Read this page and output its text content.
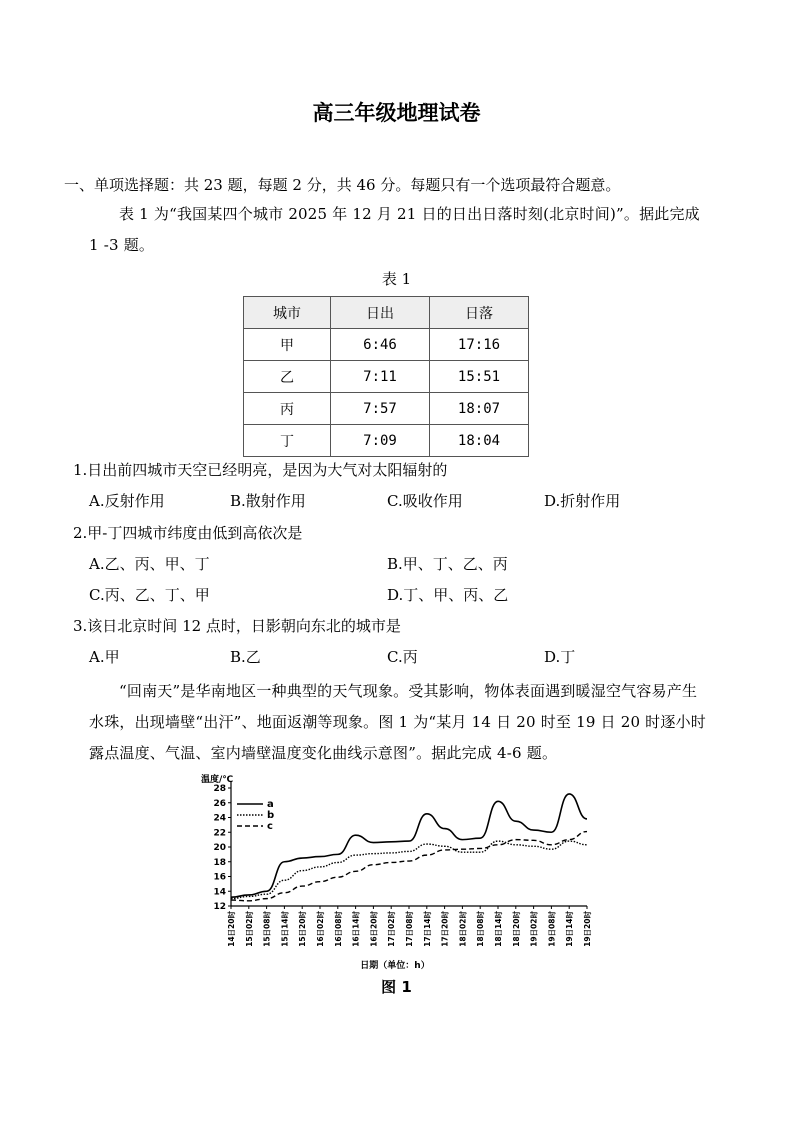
高三年级地理试卷
一、单项选择题：共 23 题，每题 2 分，共 46 分。每题只有一个选项最符合题意。
表 1 为“我国某四个城市 2025 年 12 月 21 日的日出日落时刻(北京时间)”。据此完成 1 -3 题。
表 1
城市	日出	日落
甲	6:46	17:16
乙	7:11	15:51
丙	7:57	18:07
丁	7:09	18:04
1.日出前四城市天空已经明亮，是因为大气对太阳辐射的
A.反射作用	B.散射作用	C.吸收作用	D.折射作用
2.甲-丁四城市纬度由低到高依次是
A.乙、丙、甲、丁	B.甲、丁、乙、丙
C.丙、乙、丁、甲	D.丁、甲、丙、乙
3.该日北京时间 12 点时，日影朝向东北的城市是
A.甲	B.乙	C.丙	D.丁
“回南天”是华南地区一种典型的天气现象。受其影响，物体表面遇到暖湿空气容易产生水珠，出现墙壁“出汗”、地面返潮等现象。图 1 为“某月 14 日 20 时至 19 日 20 时逐小时露点温度、气温、室内墙壁温度变化曲线示意图”。据此完成 4-6 题。
温度/℃
12
14
16
18
20
22
24
26
28
14日20时 15日02时 15日08时 15日14时 15日20时 16日02时 16日08时 16日14时 16日20时 17日02时 17日08时 17日14时 17日20时 18日02时 18日08时 18日14时 18日20时 19日02时 19日08时 19日14时 19日20时
a
b
c
日期（单位：h）
图 1
